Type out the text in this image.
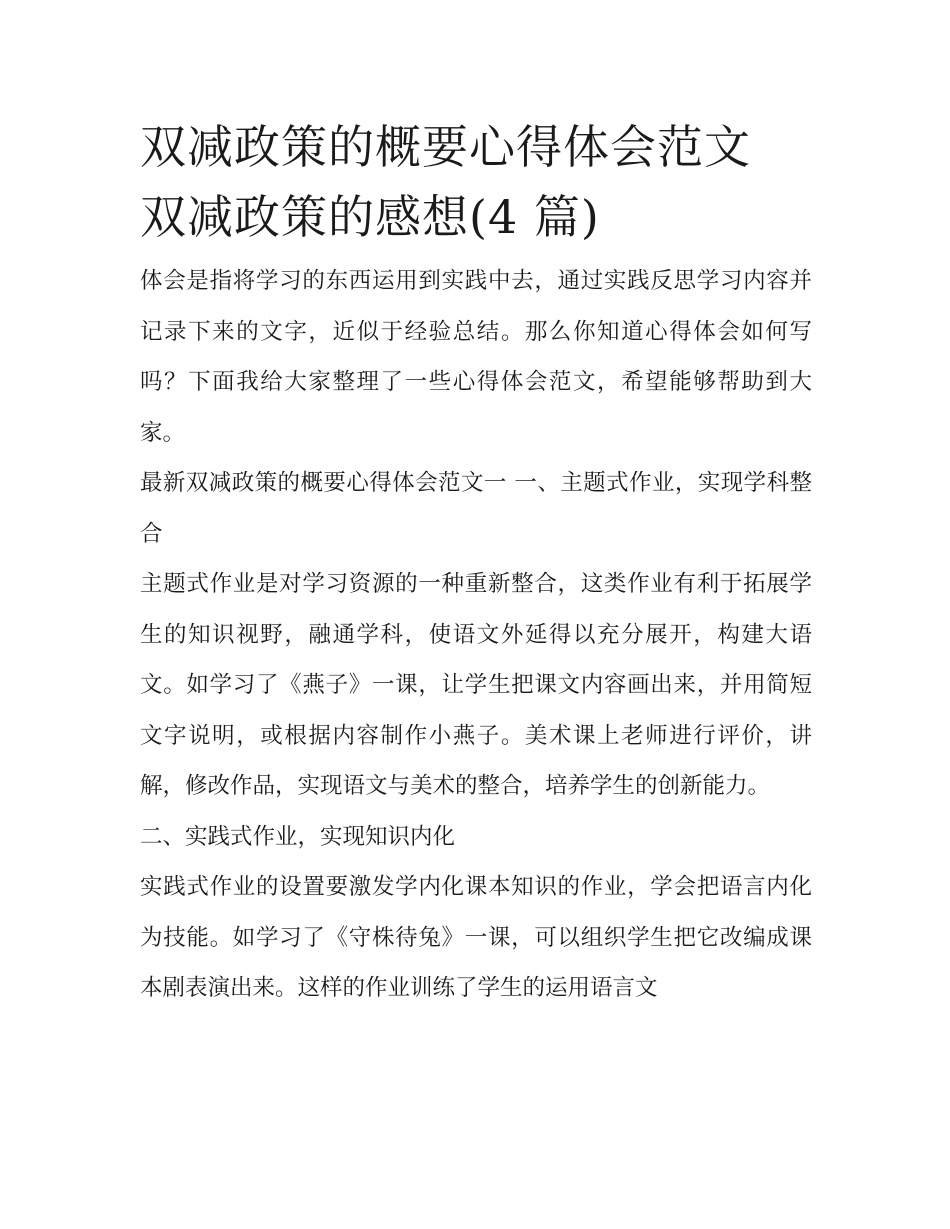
双减政策的概要心得体会范文
双减政策的感想(4 篇)

体会是指将学习的东西运用到实践中去，通过实践反思学习内容并记录下来的文字，近似于经验总结。那么你知道心得体会如何写吗？下面我给大家整理了一些心得体会范文，希望能够帮助到大家。

最新双减政策的概要心得体会范文一 一、主题式作业，实现学科整合

主题式作业是对学习资源的一种重新整合，这类作业有利于拓展学生的知识视野，融通学科，使语文外延得以充分展开，构建大语文。如学习了《燕子》一课，让学生把课文内容画出来，并用简短文字说明，或根据内容制作小燕子。美术课上老师进行评价，讲解，修改作品，实现语文与美术的整合，培养学生的创新能力。

二、实践式作业，实现知识内化

实践式作业的设置要激发学内化课本知识的作业，学会把语言内化为技能。如学习了《守株待兔》一课，可以组织学生把它改编成课本剧表演出来。这样的作业训练了学生的运用语言文
